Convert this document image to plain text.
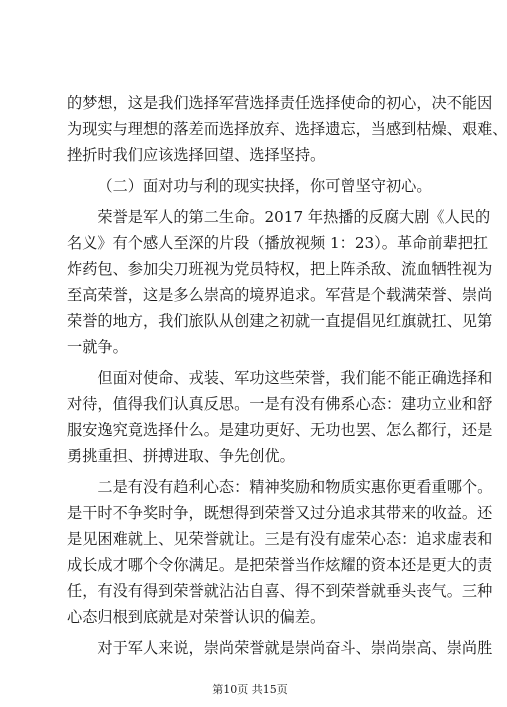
的梦想，这是我们选择军营选择责任选择使命的初心，决不能因
为现实与理想的落差而选择放弃、选择遗忘，当感到枯燥、艰难、
挫折时我们应该选择回望、选择坚持。

（二）面对功与利的现实抉择，你可曾坚守初心。

荣誉是军人的第二生命。2017 年热播的反腐大剧《人民的
名义》有个感人至深的片段（播放视频 1：23）。革命前辈把扛
炸药包、参加尖刀班视为党员特权，把上阵杀敌、流血牺牲视为
至高荣誉，这是多么崇高的境界追求。军营是个载满荣誉、崇尚
荣誉的地方，我们旅队从创建之初就一直提倡见红旗就扛、见第
一就争。

但面对使命、戎装、军功这些荣誉，我们能不能正确选择和
对待，值得我们认真反思。一是有没有佛系心态：建功立业和舒
服安逸究竟选择什么。是建功更好、无功也罢、怎么都行，还是
勇挑重担、拼搏进取、争先创优。

二是有没有趋利心态：精神奖励和物质实惠你更看重哪个。
是干时不争奖时争，既想得到荣誉又过分追求其带来的收益。还
是见困难就上、见荣誉就让。三是有没有虚荣心态：追求虚表和
成长成才哪个令你满足。是把荣誉当作炫耀的资本还是更大的责
任，有没有得到荣誉就沾沾自喜、得不到荣誉就垂头丧气。三种
心态归根到底就是对荣誉认识的偏差。

对于军人来说，崇尚荣誉就是崇尚奋斗、崇尚崇高、崇尚胜

第10页 共15页
